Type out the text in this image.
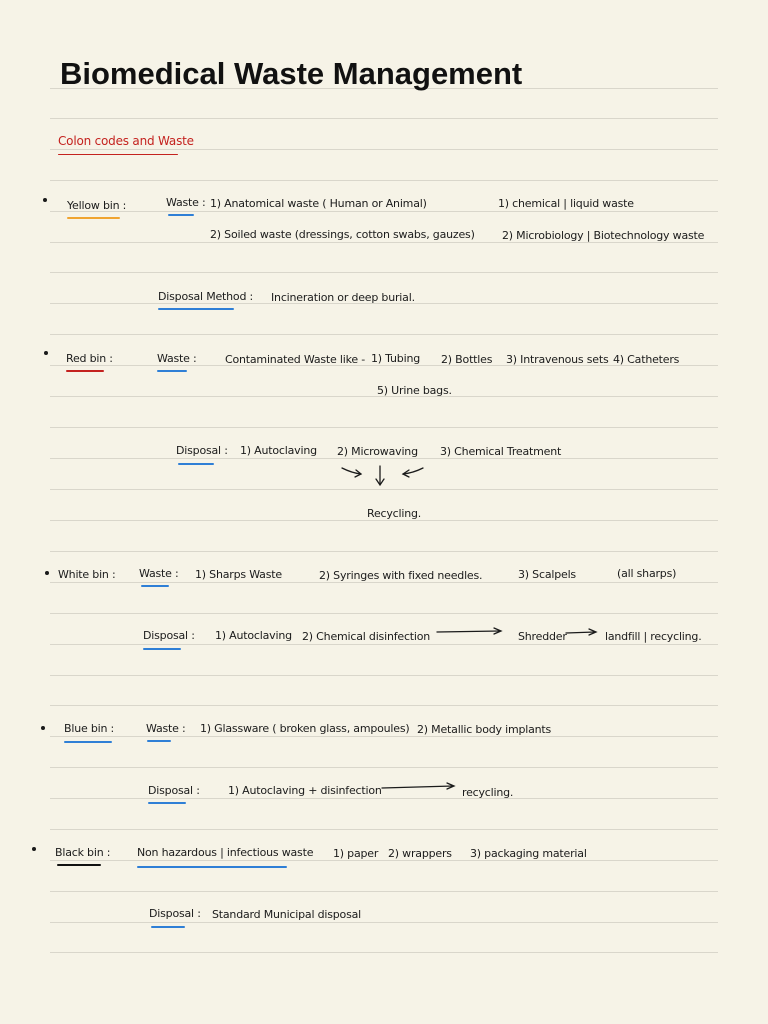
Biomedical Waste Management
Colon codes and Waste
Yellow bin :	Waste : 1) Anatomical waste ( Human or Animal)
2) Soiled waste (dressings, cotton swabs, gauzes)
1) chemical | liquid waste
2) Microbiology | Biotechnology waste
Disposal Method : Incineration or deep burial.
Red bin :	Waste :	Contaminated Waste like - 1) Tubing 2) Bottles 3) Intravenous sets 4) Catheters
5) Urine bags.
Disposal : 1) Autoclaving 2) Microwaving 3) Chemical Treatment
Recycling.
White bin : Waste : 1) Sharps Waste	2) Syringes with fixed needles.	3) Scalpels	(all sharps)
Disposal : 1) Autoclaving 2) Chemical disinfection	Shredder	landfill | recycling.
Blue bin :	Waste : 1) Glassware ( broken glass, ampoules) 2) Metallic body implants
Disposal :	1) Autoclaving + disinfection	recycling.
Black bin : Non hazardous | infectious waste 1) paper 2) wrappers 3) packaging material
Disposal : Standard Municipal disposal
